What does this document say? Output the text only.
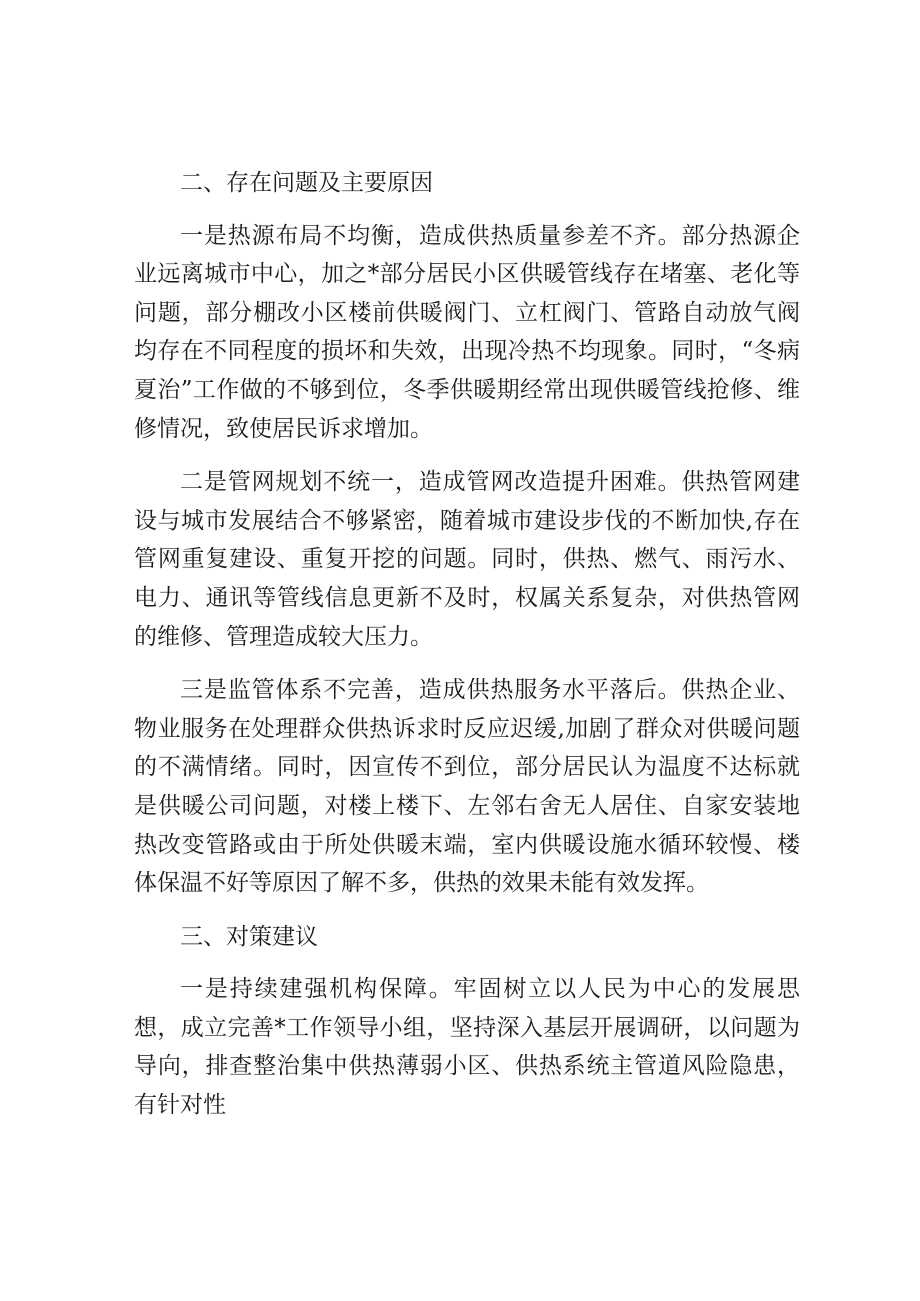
二、存在问题及主要原因

一是热源布局不均衡，造成供热质量参差不齐。部分热源企业远离城市中心，加之*部分居民小区供暖管线存在堵塞、老化等问题，部分棚改小区楼前供暖阀门、立杠阀门、管路自动放气阀均存在不同程度的损坏和失效，出现冷热不均现象。同时，“冬病夏治”工作做的不够到位，冬季供暖期经常出现供暖管线抢修、维修情况，致使居民诉求增加。

二是管网规划不统一，造成管网改造提升困难。供热管网建设与城市发展结合不够紧密，随着城市建设步伐的不断加快,存在管网重复建设、重复开挖的问题。同时，供热、燃气、雨污水、电力、通讯等管线信息更新不及时，权属关系复杂，对供热管网的维修、管理造成较大压力。

三是监管体系不完善，造成供热服务水平落后。供热企业、物业服务在处理群众供热诉求时反应迟缓,加剧了群众对供暖问题的不满情绪。同时，因宣传不到位，部分居民认为温度不达标就是供暖公司问题，对楼上楼下、左邻右舍无人居住、自家安装地热改变管路或由于所处供暖末端，室内供暖设施水循环较慢、楼体保温不好等原因了解不多，供热的效果未能有效发挥。

三、对策建议

一是持续建强机构保障。牢固树立以人民为中心的发展思想，成立完善*工作领导小组，坚持深入基层开展调研，以问题为导向，排查整治集中供热薄弱小区、供热系统主管道风险隐患，有针对性
